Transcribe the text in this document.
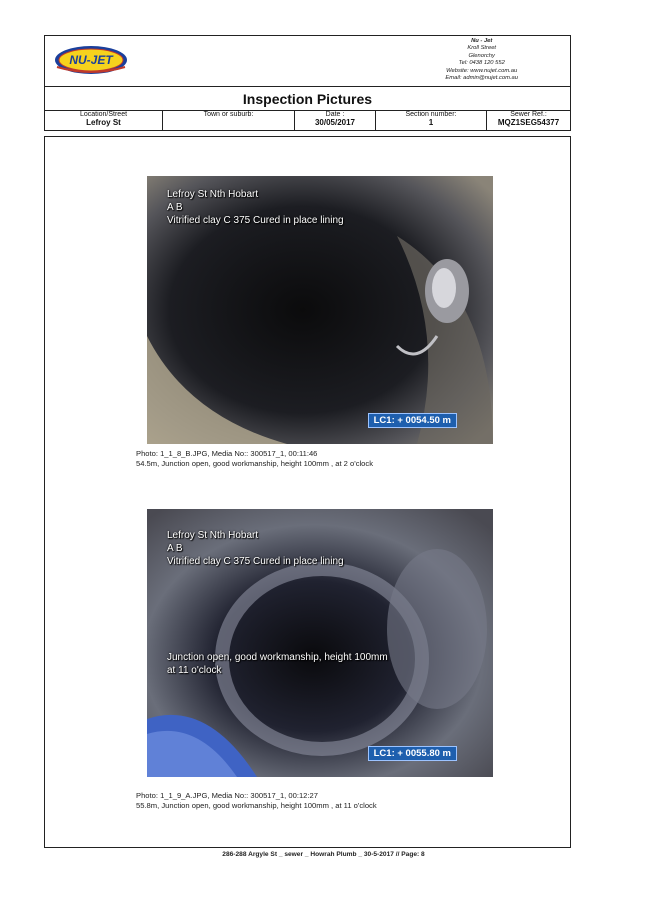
NU-JET
Nu - Jet
Kroll Street
Glenorchy
Tel: 0438 120 552
Website: www.nujet.com.au
Email: admin@nujet.com.au
Inspection Pictures
Location/Street
Lefroy St
Town or suburb:	Date :
30/05/2017
Section number:
1
Sewer Ref.:
MQZ1SEG54377
Lefroy St Nth Hobart
A B
Vitrified clay C 375 Cured in place lining
LC1: + 0054.50 m
Photo: 1_1_8_B.JPG, Media No:: 300517_1, 00:11:46
54.5m, Junction open, good workmanship, height 100mm , at 2 o'clock
Lefroy St Nth Hobart
A B
Vitrified clay C 375 Cured in place lining
Junction open, good workmanship, height 100mm
at 11 o'clock
LC1: + 0055.80 m
Photo: 1_1_9_A.JPG, Media No:: 300517_1, 00:12:27
55.8m, Junction open, good workmanship, height 100mm , at 11 o'clock
286-288 Argyle St _ sewer _ Howrah Plumb _ 30-5-2017 // Page: 8
